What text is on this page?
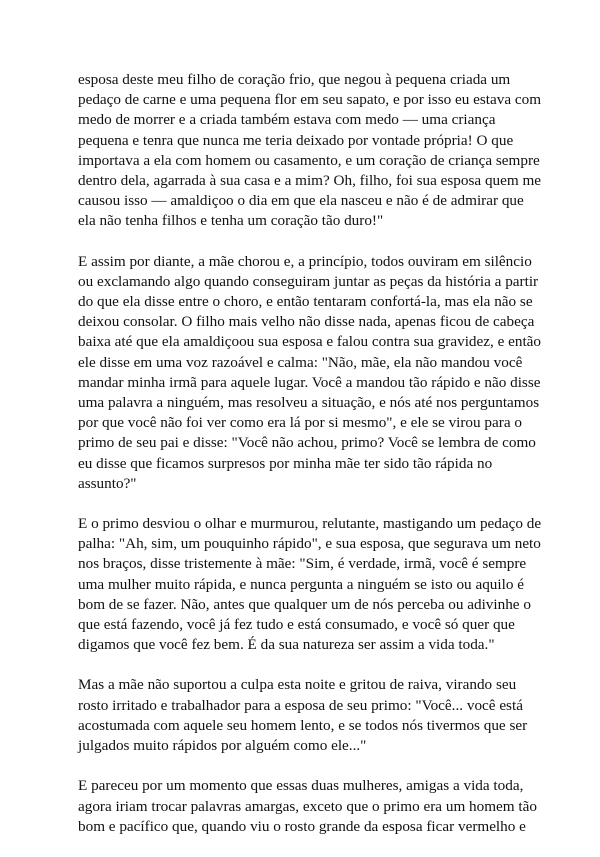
esposa deste meu filho de coração frio, que negou à pequena criada um
pedaço de carne e uma pequena flor em seu sapato, e por isso eu estava com
medo de morrer e a criada também estava com medo — uma criança
pequena e tenra que nunca me teria deixado por vontade própria! O que
importava a ela com homem ou casamento, e um coração de criança sempre
dentro dela, agarrada à sua casa e a mim? Oh, filho, foi sua esposa quem me
causou isso — amaldiçoo o dia em que ela nasceu e não é de admirar que
ela não tenha filhos e tenha um coração tão duro!"

E assim por diante, a mãe chorou e, a princípio, todos ouviram em silêncio
ou exclamando algo quando conseguiram juntar as peças da história a partir
do que ela disse entre o choro, e então tentaram confortá-la, mas ela não se
deixou consolar. O filho mais velho não disse nada, apenas ficou de cabeça
baixa até que ela amaldiçoou sua esposa e falou contra sua gravidez, e então
ele disse em uma voz razoável e calma: "Não, mãe, ela não mandou você
mandar minha irmã para aquele lugar. Você a mandou tão rápido e não disse
uma palavra a ninguém, mas resolveu a situação, e nós até nos perguntamos
por que você não foi ver como era lá por si mesmo", e ele se virou para o
primo de seu pai e disse: "Você não achou, primo? Você se lembra de como
eu disse que ficamos surpresos por minha mãe ter sido tão rápida no
assunto?"

E o primo desviou o olhar e murmurou, relutante, mastigando um pedaço de
palha: "Ah, sim, um pouquinho rápido", e sua esposa, que segurava um neto
nos braços, disse tristemente à mãe: "Sim, é verdade, irmã, você é sempre
uma mulher muito rápida, e nunca pergunta a ninguém se isto ou aquilo é
bom de se fazer. Não, antes que qualquer um de nós perceba ou adivinhe o
que está fazendo, você já fez tudo e está consumado, e você só quer que
digamos que você fez bem. É da sua natureza ser assim a vida toda."

Mas a mãe não suportou a culpa esta noite e gritou de raiva, virando seu
rosto irritado e trabalhador para a esposa de seu primo: "Você... você está
acostumada com aquele seu homem lento, e se todos nós tivermos que ser
julgados muito rápidos por alguém como ele..."

E pareceu por um momento que essas duas mulheres, amigas a vida toda,
agora iriam trocar palavras amargas, exceto que o primo era um homem tão
bom e pacífico que, quando viu o rosto grande da esposa ficar vermelho e
